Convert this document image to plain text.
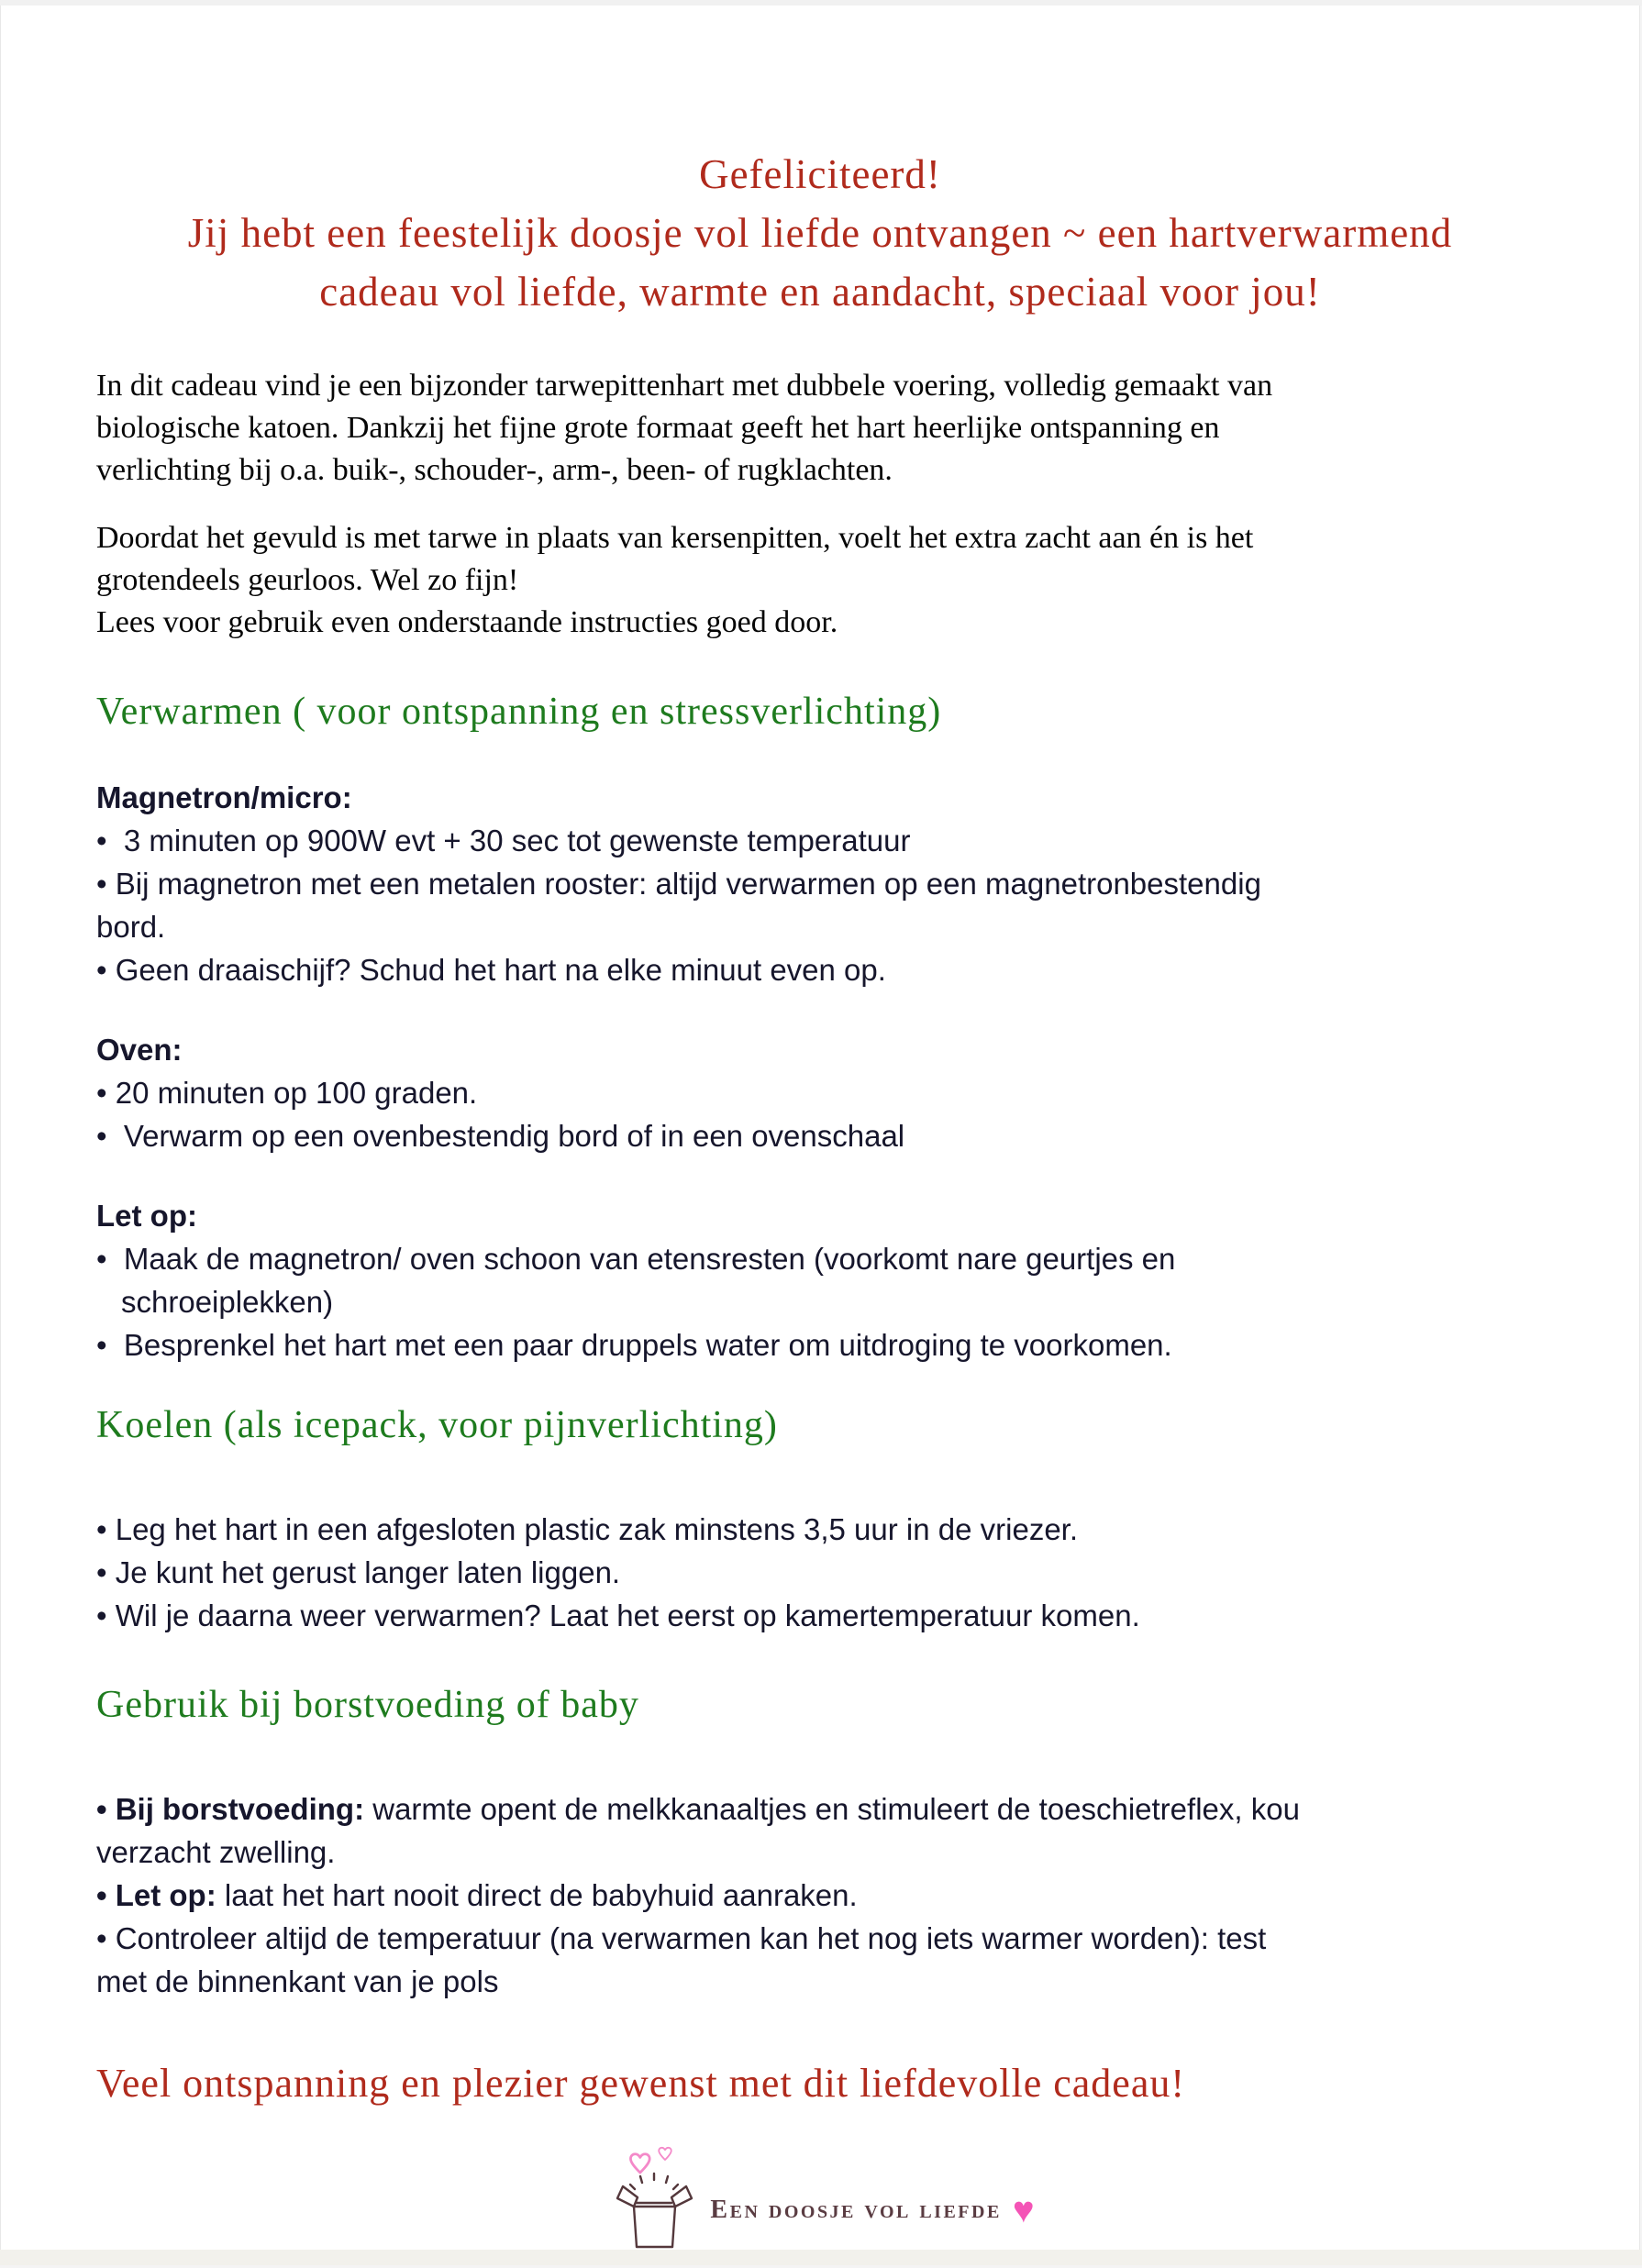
Gefeliciteerd!
Jij hebt een feestelijk doosje vol liefde ontvangen ~ een hartverwarmend
cadeau vol liefde, warmte en aandacht, speciaal voor jou!
In dit cadeau vind je een bijzonder tarwepittenhart met dubbele voering, volledig gemaakt van
biologische katoen. Dankzij het fijne grote formaat geeft het hart heerlijke ontspanning en
verlichting bij o.a. buik-, schouder-, arm-, been- of rugklachten.
Doordat het gevuld is met tarwe in plaats van kersenpitten, voelt het extra zacht aan én is het
grotendeels geurloos. Wel zo fijn!
Lees voor gebruik even onderstaande instructies goed door.
Verwarmen ( voor ontspanning en stressverlichting)
Magnetron/micro:
•  3 minuten op 900W evt + 30 sec tot gewenste temperatuur
• Bij magnetron met een metalen rooster: altijd verwarmen op een magnetronbestendig
bord.
• Geen draaischijf? Schud het hart na elke minuut even op.
Oven:
• 20 minuten op 100 graden.
•  Verwarm op een ovenbestendig bord of in een ovenschaal
Let op:
•  Maak de magnetron/ oven schoon van etensresten (voorkomt nare geurtjes en
schroeiplekken)
•  Besprenkel het hart met een paar druppels water om uitdroging te voorkomen.
Koelen (als icepack, voor pijnverlichting)
• Leg het hart in een afgesloten plastic zak minstens 3,5 uur in de vriezer.
• Je kunt het gerust langer laten liggen.
• Wil je daarna weer verwarmen? Laat het eerst op kamertemperatuur komen.
Gebruik bij borstvoeding of baby
• Bij borstvoeding: warmte opent de melkkanaaltjes en stimuleert de toeschietreflex, kou
verzacht zwelling.
• Let op: laat het hart nooit direct de babyhuid aanraken.
• Controleer altijd de temperatuur (na verwarmen kan het nog iets warmer worden): test
met de binnenkant van je pols
Veel ontspanning en plezier gewenst met dit liefdevolle cadeau!
Een doosje vol liefde ♥
